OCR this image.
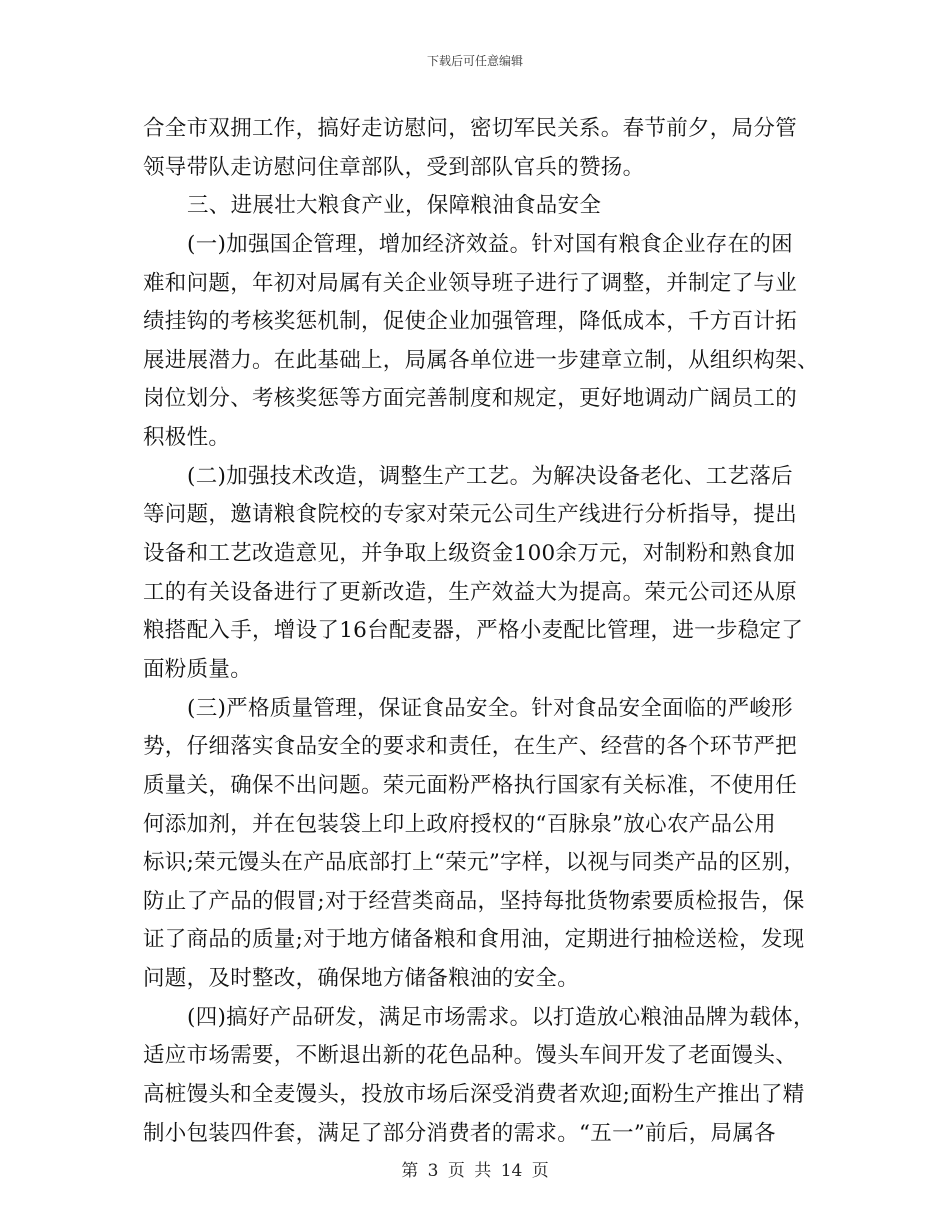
下载后可任意编辑
合全市双拥工作，搞好走访慰问，密切军民关系。春节前夕，局分管
领导带队走访慰问住章部队，受到部队官兵的赞扬。
三、进展壮大粮食产业，保障粮油食品安全
(一)加强国企管理，增加经济效益。针对国有粮食企业存在的困
难和问题，年初对局属有关企业领导班子进行了调整，并制定了与业
绩挂钩的考核奖惩机制，促使企业加强管理，降低成本，千方百计拓
展进展潜力。在此基础上，局属各单位进一步建章立制，从组织构架、
岗位划分、考核奖惩等方面完善制度和规定，更好地调动广阔员工的
积极性。
(二)加强技术改造，调整生产工艺。为解决设备老化、工艺落后
等问题，邀请粮食院校的专家对荣元公司生产线进行分析指导，提出
设备和工艺改造意见，并争取上级资金100余万元，对制粉和熟食加
工的有关设备进行了更新改造，生产效益大为提高。荣元公司还从原
粮搭配入手，增设了16台配麦器，严格小麦配比管理，进一步稳定了
面粉质量。
(三)严格质量管理，保证食品安全。针对食品安全面临的严峻形
势，仔细落实食品安全的要求和责任，在生产、经营的各个环节严把
质量关，确保不出问题。荣元面粉严格执行国家有关标准，不使用任
何添加剂，并在包装袋上印上政府授权的“百脉泉”放心农产品公用
标识;荣元馒头在产品底部打上“荣元”字样，以视与同类产品的区别，
防止了产品的假冒;对于经营类商品，坚持每批货物索要质检报告，保
证了商品的质量;对于地方储备粮和食用油，定期进行抽检送检，发现
问题，及时整改，确保地方储备粮油的安全。
(四)搞好产品研发，满足市场需求。以打造放心粮油品牌为载体，
适应市场需要，不断退出新的花色品种。馒头车间开发了老面馒头、
高桩馒头和全麦馒头，投放市场后深受消费者欢迎;面粉生产推出了精
制小包装四件套，满足了部分消费者的需求。“五一”前后，局属各
第 3 页 共 14 页
